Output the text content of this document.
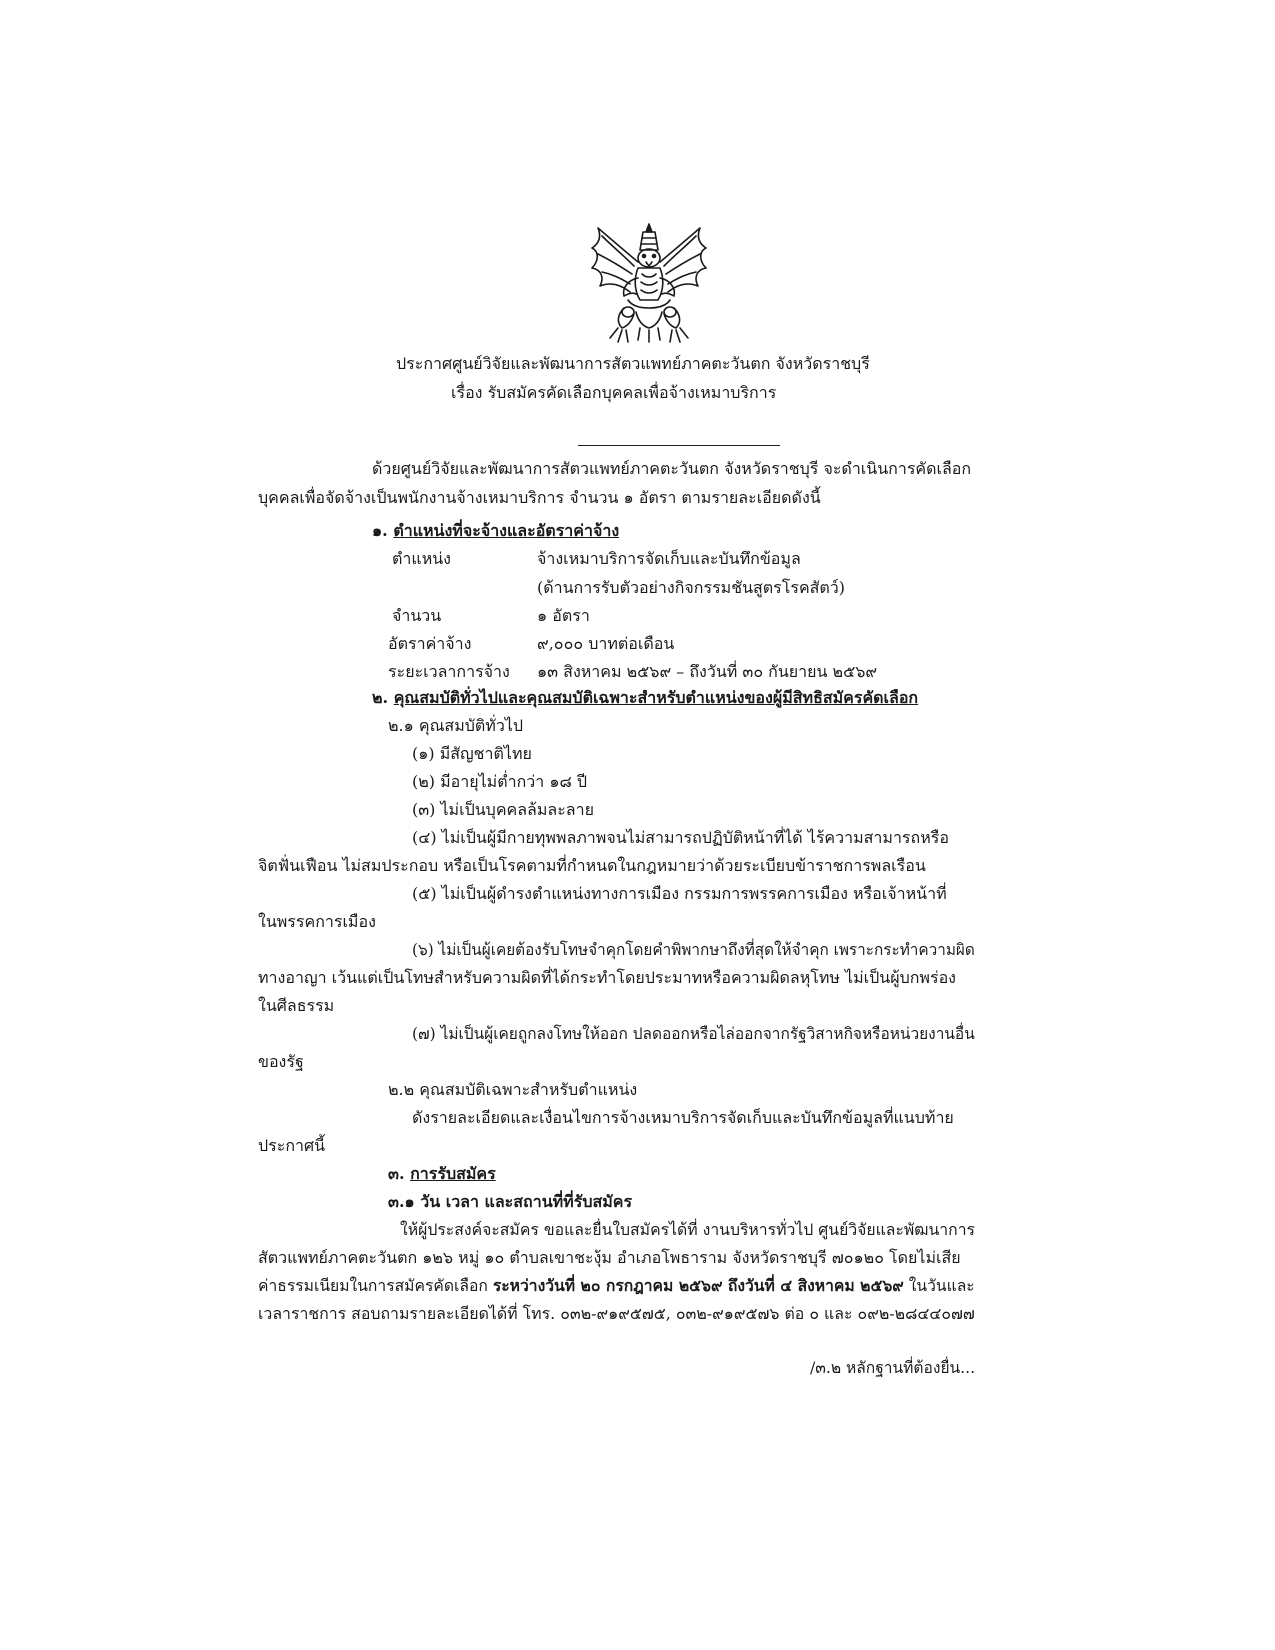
ประกาศศูนย์วิจัยและพัฒนาการสัตวแพทย์ภาคตะวันตก จังหวัดราชบุรี
เรื่อง รับสมัครคัดเลือกบุคคลเพื่อจ้างเหมาบริการ
ด้วยศูนย์วิจัยและพัฒนาการสัตวแพทย์ภาคตะวันตก จังหวัดราชบุรี จะดำเนินการคัดเลือก
บุคคลเพื่อจัดจ้างเป็นพนักงานจ้างเหมาบริการ จำนวน ๑ อัตรา ตามรายละเอียดดังนี้
๑. ตำแหน่งที่จะจ้างและอัตราค่าจ้าง
ตำแหน่ง	จ้างเหมาบริการจัดเก็บและบันทึกข้อมูล
(ด้านการรับตัวอย่างกิจกรรมชันสูตรโรคสัตว์)
จำนวน	๑ อัตรา
อัตราค่าจ้าง	๙,๐๐๐ บาทต่อเดือน
ระยะเวลาการจ้าง ๑๓ สิงหาคม ๒๕๖๙ – ถึงวันที่ ๓๐ กันยายน ๒๕๖๙
๒. คุณสมบัติทั่วไปและคุณสมบัติเฉพาะสำหรับตำแหน่งของผู้มีสิทธิสมัครคัดเลือก
๒.๑ คุณสมบัติทั่วไป
(๑) มีสัญชาติไทย
(๒) มีอายุไม่ต่ำกว่า ๑๘ ปี
(๓) ไม่เป็นบุคคลล้มละลาย
(๔) ไม่เป็นผู้มีกายทุพพลภาพจนไม่สามารถปฏิบัติหน้าที่ได้ ไร้ความสามารถหรือ
จิตฟั่นเฟือน ไม่สมประกอบ หรือเป็นโรคตามที่กำหนดในกฎหมายว่าด้วยระเบียบข้าราชการพลเรือน
(๕) ไม่เป็นผู้ดำรงตำแหน่งทางการเมือง กรรมการพรรคการเมือง หรือเจ้าหน้าที่
ในพรรคการเมือง
(๖) ไม่เป็นผู้เคยต้องรับโทษจำคุกโดยคำพิพากษาถึงที่สุดให้จำคุก เพราะกระทำความผิด
ทางอาญา เว้นแต่เป็นโทษสำหรับความผิดที่ได้กระทำโดยประมาทหรือความผิดลหุโทษ ไม่เป็นผู้บกพร่อง
ในศีลธรรม
(๗) ไม่เป็นผู้เคยถูกลงโทษให้ออก ปลดออกหรือไล่ออกจากรัฐวิสาหกิจหรือหน่วยงานอื่น
ของรัฐ
๒.๒ คุณสมบัติเฉพาะสำหรับตำแหน่ง
ดังรายละเอียดและเงื่อนไขการจ้างเหมาบริการจัดเก็บและบันทึกข้อมูลที่แนบท้าย
ประกาศนี้
๓. การรับสมัคร
๓.๑ วัน เวลา และสถานที่ที่รับสมัคร
ให้ผู้ประสงค์จะสมัคร ขอและยื่นใบสมัครได้ที่ งานบริหารทั่วไป ศูนย์วิจัยและพัฒนาการ
สัตวแพทย์ภาคตะวันตก ๑๒๖ หมู่ ๑๐ ตำบลเขาชะงุ้ม อำเภอโพธาราม จังหวัดราชบุรี ๗๐๑๒๐ โดยไม่เสีย
ค่าธรรมเนียมในการสมัครคัดเลือก ระหว่างวันที่ ๒๐ กรกฎาคม ๒๕๖๙ ถึงวันที่ ๔ สิงหาคม ๒๕๖๙ ในวันและ
เวลาราชการ สอบถามรายละเอียดได้ที่ โทร. ๐๓๒-๙๑๙๕๗๕, ๐๓๒-๙๑๙๕๗๖ ต่อ ๐ และ ๐๙๒-๒๘๔๔๐๗๗
/๓.๒ หลักฐานที่ต้องยื่น...
